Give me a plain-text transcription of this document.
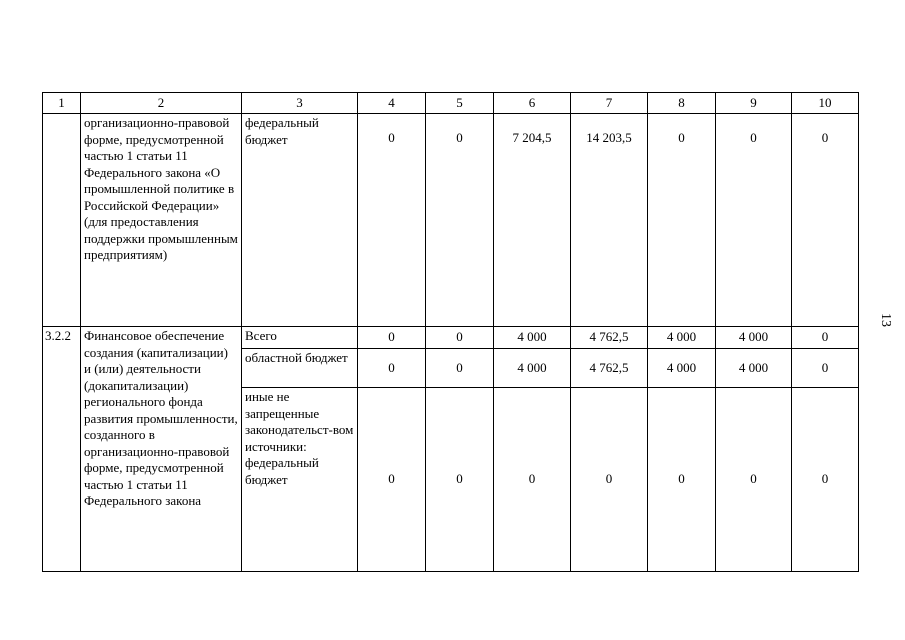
1	2	3	4	5	6	7	8	9	10
	организационно-правовой форме, предусмотренной частью 1 статьи 11 Федерального закона «О промышленной политике в Российской Федерации» (для предоставления поддержки промышленным предприятиям)	федеральный бюджет	0	0	7 204,5	14 203,5	0	0	0
3.2.2	Финансовое обеспечение создания (капитализации) и (или) деятельности (докапитализации) регионального фонда развития промышленности, созданного в организационно-правовой форме, предусмотренной частью 1 статьи 11 Федерального закона	Всего	0	0	4 000	4 762,5	4 000	4 000	0
		областной бюджет	0	0	4 000	4 762,5	4 000	4 000	0
		иные не запрещенные законодательст-вом источники: федеральный бюджет	0	0	0	0	0	0	0
13
